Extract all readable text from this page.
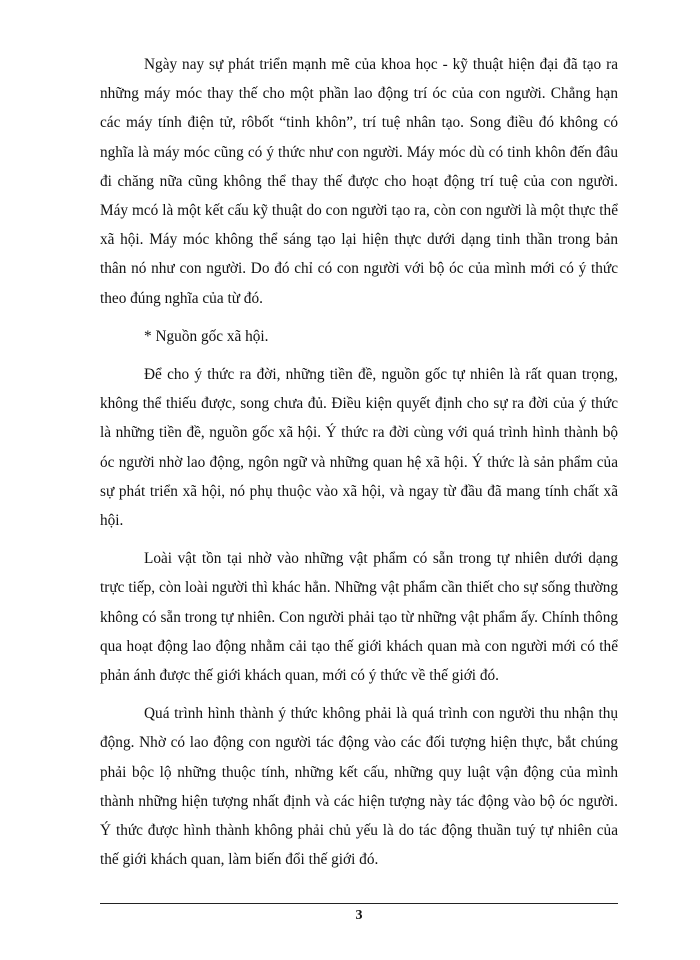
Ngày nay sự phát triển mạnh mẽ của khoa học - kỹ thuật hiện đại đã tạo ra những máy móc thay thế cho một phần lao động trí óc của con người. Chẳng hạn các máy tính điện tử, rôbốt “tinh khôn”, trí tuệ nhân tạo. Song điều đó không có nghĩa là máy móc cũng có ý thức như con người. Máy móc dù có tinh khôn đến đâu đi chăng nữa cũng không thể thay thế được cho hoạt động trí tuệ của con người. Máy mcó là một kết cấu kỹ thuật do con người tạo ra, còn con người là một thực thể xã hội. Máy móc không thể sáng tạo lại hiện thực dưới dạng tinh thần trong bản thân nó như con người. Do đó chỉ có con người với bộ óc của mình mới có ý thức theo đúng nghĩa của từ đó.

* Nguồn gốc xã hội.

Để cho ý thức ra đời, những tiền đề, nguồn gốc tự nhiên là rất quan trọng, không thể thiếu được, song chưa đủ. Điều kiện quyết định cho sự ra đời của ý thức là những tiền đề, nguồn gốc xã hội. Ý thức ra đời cùng với quá trình hình thành bộ óc người nhờ lao động, ngôn ngữ và những quan hệ xã hội. Ý thức là sản phẩm của sự phát triển xã hội, nó phụ thuộc vào xã hội, và ngay từ đầu đã mang tính chất xã hội.

Loài vật tồn tại nhờ vào những vật phẩm có sẵn trong tự nhiên dưới dạng trực tiếp, còn loài người thì khác hẳn. Những vật phẩm cần thiết cho sự sống thường không có sẵn trong tự nhiên. Con người phải tạo từ những vật phẩm ấy. Chính thông qua hoạt động lao động nhằm cải tạo thế giới khách quan mà con người mới có thể phản ánh được thế giới khách quan, mới có ý thức về thế giới đó.

Quá trình hình thành ý thức không phải là quá trình con người thu nhận thụ động. Nhờ có lao động con người tác động vào các đối tượng hiện thực, bắt chúng phải bộc lộ những thuộc tính, những kết cấu, những quy luật vận động của mình thành những hiện tượng nhất định và các hiện tượng này tác động vào bộ óc người. Ý thức được hình thành không phải chủ yếu là do tác động thuần tuý tự nhiên của thế giới khách quan, làm biến đổi thế giới đó.

3
